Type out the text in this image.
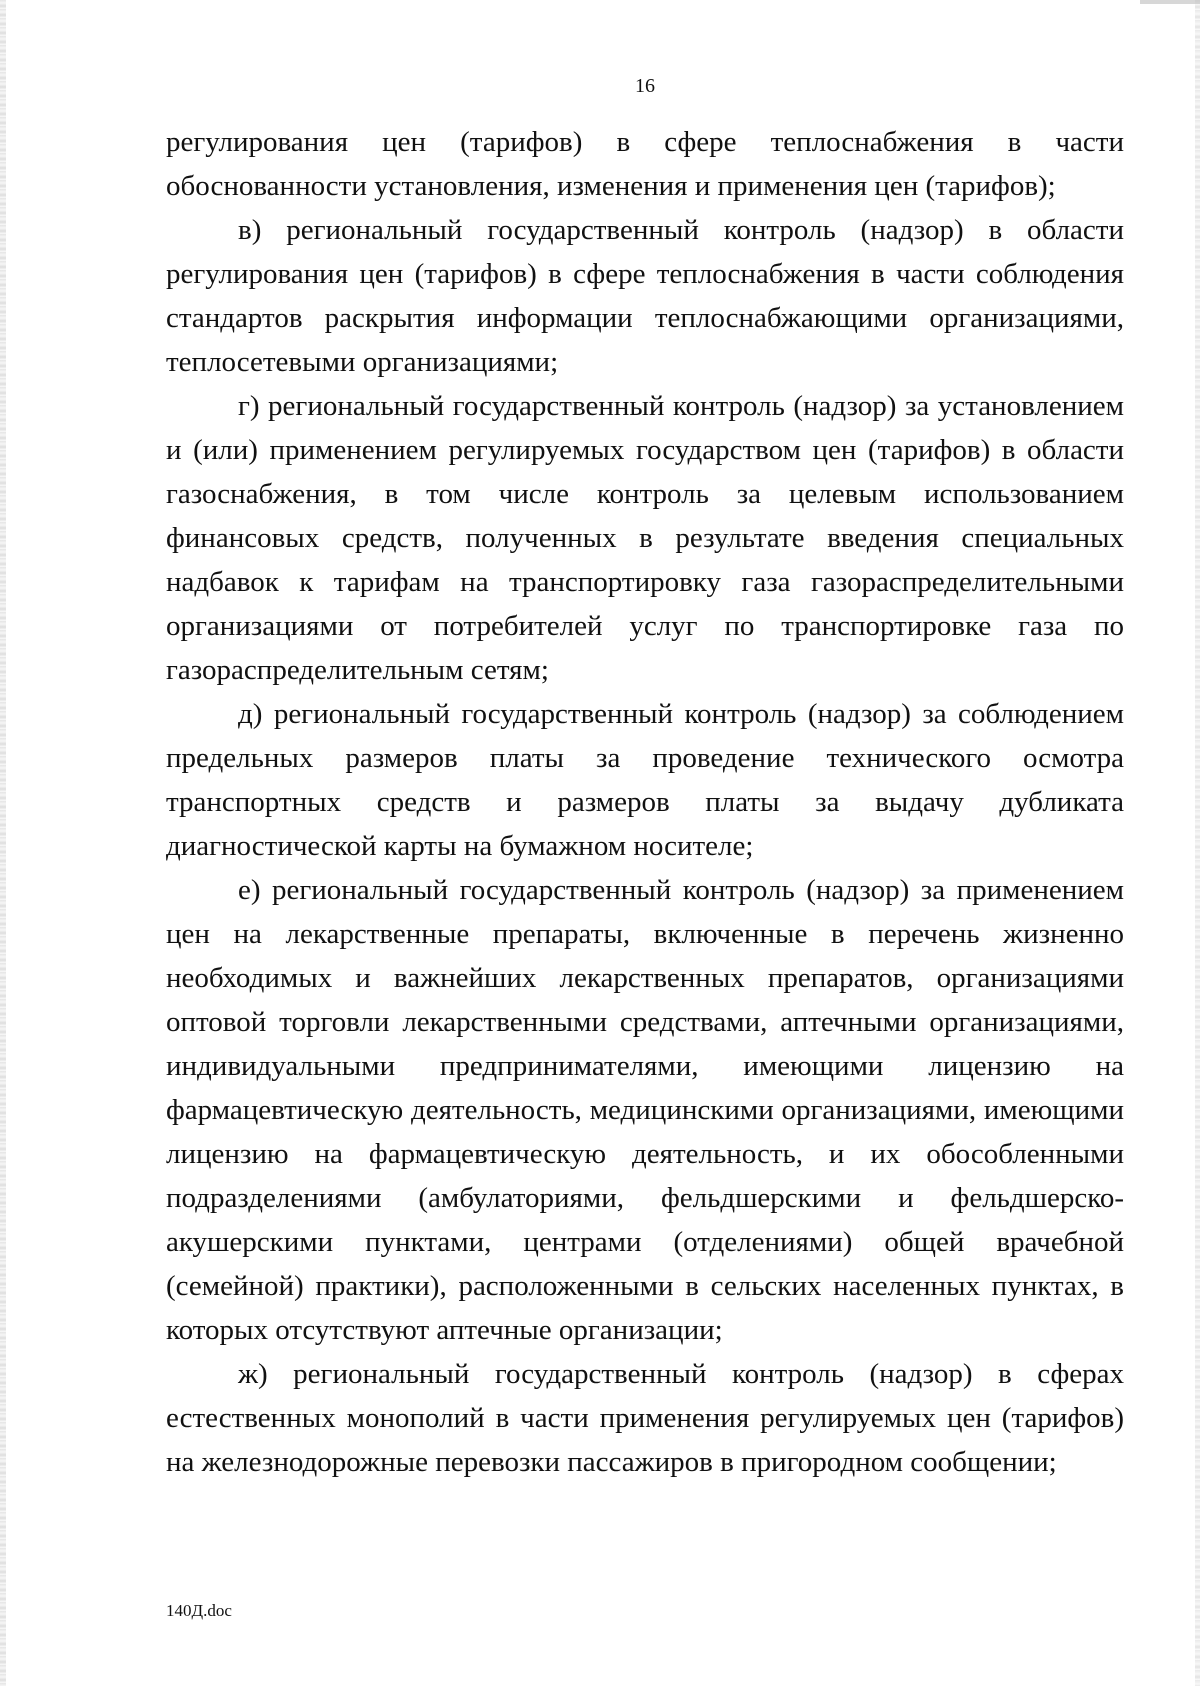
16

регулирования цен (тарифов) в сфере теплоснабжения в части обоснованности установления, изменения и применения цен (тарифов);

в) региональный государственный контроль (надзор) в области регулирования цен (тарифов) в сфере теплоснабжения в части соблюдения стандартов раскрытия информации теплоснабжающими организациями, теплосетевыми организациями;

г) региональный государственный контроль (надзор) за установлением и (или) применением регулируемых государством цен (тарифов) в области газоснабжения, в том числе контроль за целевым использованием финансовых средств, полученных в результате введения специальных надбавок к тарифам на транспортировку газа газораспределительными организациями от потребителей услуг по транспортировке газа по газораспределительным сетям;

д) региональный государственный контроль (надзор) за соблюдением предельных размеров платы за проведение технического осмотра транспортных средств и размеров платы за выдачу дубликата диагностической карты на бумажном носителе;

е) региональный государственный контроль (надзор) за применением цен на лекарственные препараты, включенные в перечень жизненно необходимых и важнейших лекарственных препаратов, организациями оптовой торговли лекарственными средствами, аптечными организациями, индивидуальными предпринимателями, имеющими лицензию на фармацевтическую деятельность, медицинскими организациями, имеющими лицензию на фармацевтическую деятельность, и их обособленными подразделениями (амбулаториями, фельдшерскими и фельдшерско-акушерскими пунктами, центрами (отделениями) общей врачебной (семейной) практики), расположенными в сельских населенных пунктах, в которых отсутствуют аптечные организации;

ж) региональный государственный контроль (надзор) в сферах естественных монополий в части применения регулируемых цен (тарифов) на железнодорожные перевозки пассажиров в пригородном сообщении;

140Д.doc
